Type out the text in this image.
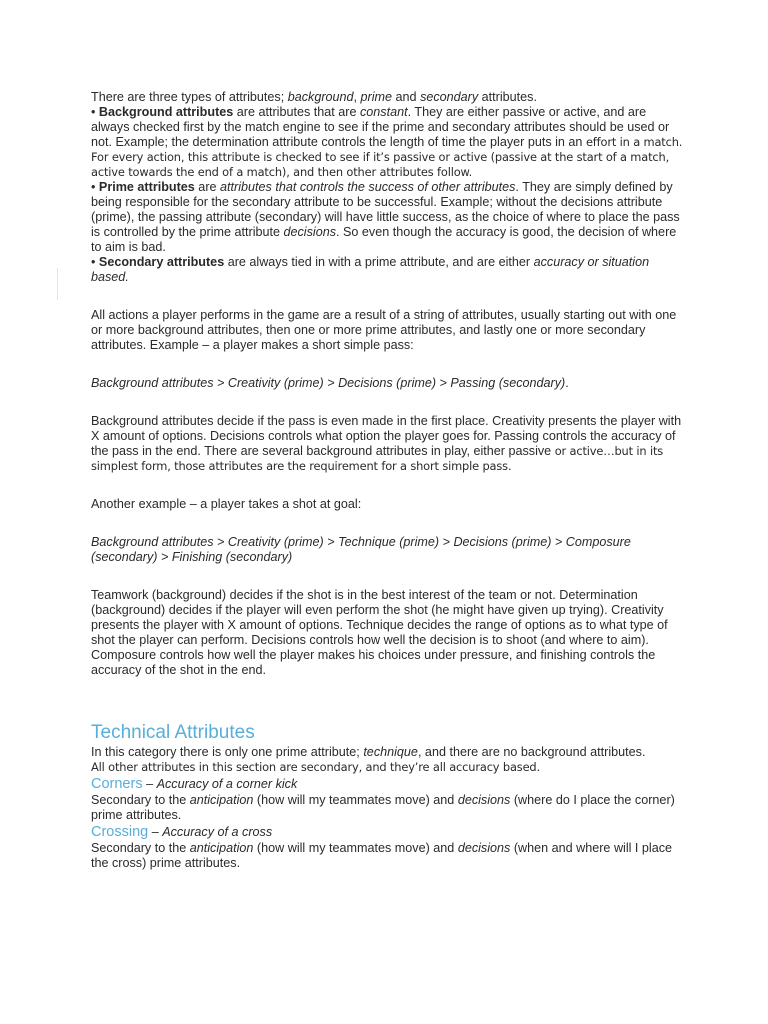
There are three types of attributes; background, prime and secondary attributes.

• Background attributes are attributes that are constant. They are either passive or active, and are always checked first by the match engine to see if the prime and secondary attributes should be used or not. Example; the determination attribute controls the length of time the player puts in an effort in a match. For every action, this attribute is checked to see if it’s passive or active (passive at the start of a match, active towards the end of a match), and then other attributes follow.

• Prime attributes are attributes that controls the success of other attributes. They are simply defined by being responsible for the secondary attribute to be successful. Example; without the decisions attribute (prime), the passing attribute (secondary) will have little success, as the choice of where to place the pass is controlled by the prime attribute decisions. So even though the accuracy is good, the decision of where to aim is bad.

• Secondary attributes are always tied in with a prime attribute, and are either accuracy or situation based.

All actions a player performs in the game are a result of a string of attributes, usually starting out with one or more background attributes, then one or more prime attributes, and lastly one or more secondary attributes. Example – a player makes a short simple pass:

Background attributes > Creativity (prime) > Decisions (prime) > Passing (secondary).

Background attributes decide if the pass is even made in the first place. Creativity presents the player with X amount of options. Decisions controls what option the player goes for. Passing controls the accuracy of the pass in the end. There are several background attributes in play, either passive or active…but in its simplest form, those attributes are the requirement for a short simple pass.

Another example – a player takes a shot at goal:

Background attributes > Creativity (prime) > Technique (prime) > Decisions (prime) > Composure (secondary) > Finishing (secondary)

Teamwork (background) decides if the shot is in the best interest of the team or not. Determination (background) decides if the player will even perform the shot (he might have given up trying). Creativity presents the player with X amount of options. Technique decides the range of options as to what type of shot the player can perform. Decisions controls how well the decision is to shoot (and where to aim). Composure controls how well the player makes his choices under pressure, and finishing controls the accuracy of the shot in the end.

Technical Attributes

In this category there is only one prime attribute; technique, and there are no background attributes.
All other attributes in this section are secondary, and they’re all accuracy based.

Corners – Accuracy of a corner kick

Secondary to the anticipation (how will my teammates move) and decisions (where do I place the corner) prime attributes.

Crossing – Accuracy of a cross

Secondary to the anticipation (how will my teammates move) and decisions (when and where will I place the cross) prime attributes.
